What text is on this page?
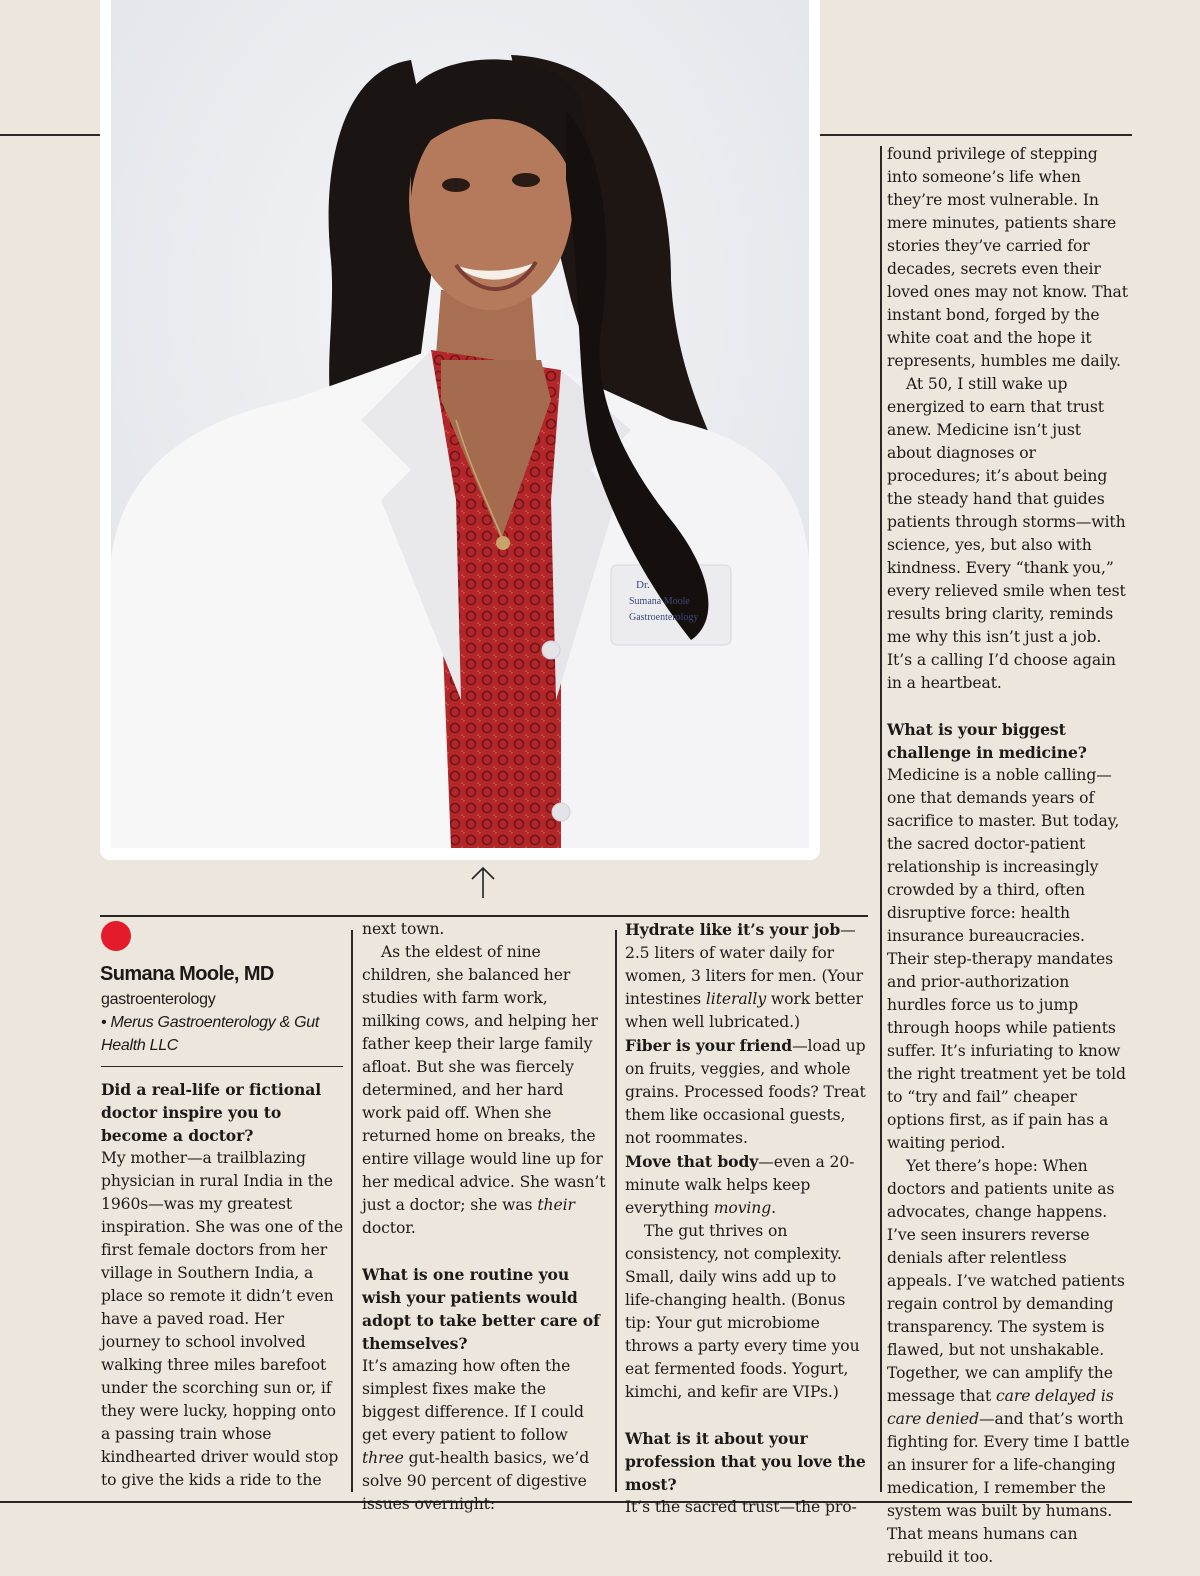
Dr.
Sumana Moole
Gastroenterology
Sumana Moole, MD
gastroenterology
• Merus Gastroenterology & Gut Health LLC

Did a real-life or fictional doctor inspire you to become a doctor?

My mother—a trailblazing physician in rural India in the 1960s—was my greatest inspiration. She was one of the first female doctors from her village in Southern India, a place so remote it didn’t even have a paved road. Her journey to school involved walking three miles barefoot under the scorching sun or, if they were lucky, hopping onto a passing train whose kindhearted driver would stop to give the kids a ride to the

next town.

As the eldest of nine children, she balanced her studies with farm work, milking cows, and helping her father keep their large family afloat. But she was fiercely determined, and her hard work paid off. When she returned home on breaks, the entire village would line up for her medical advice. She wasn’t just a doctor; she was their doctor.

What is one routine you wish your patients would adopt to take better care of themselves?

It’s amazing how often the simplest fixes make the biggest difference. If I could get every patient to follow three gut-health basics, we’d solve 90 percent of digestive issues overnight:

Hydrate like it’s your job—2.5 liters of water daily for women, 3 liters for men. (Your intestines literally work better when well lubricated.)

Fiber is your friend—load up on fruits, veggies, and whole grains. Processed foods? Treat them like occasional guests, not roommates.

Move that body—even a 20-minute walk helps keep everything moving.

The gut thrives on consistency, not complexity. Small, daily wins add up to life-changing health. (Bonus tip: Your gut microbiome throws a party every time you eat fermented foods. Yogurt, kimchi, and kefir are VIPs.)

What is it about your profession that you love the most?

It’s the sacred trust—the pro-

found privilege of stepping into someone’s life when they’re most vulnerable. In mere minutes, patients share stories they’ve carried for decades, secrets even their loved ones may not know. That instant bond, forged by the white coat and the hope it represents, humbles me daily.

At 50, I still wake up energized to earn that trust anew. Medicine isn’t just about diagnoses or procedures; it’s about being the steady hand that guides patients through storms—with science, yes, but also with kindness. Every “thank you,” every relieved smile when test results bring clarity, reminds me why this isn’t just a job. It’s a calling I’d choose again in a heartbeat.

What is your biggest challenge in medicine?

Medicine is a noble calling—one that demands years of sacrifice to master. But today, the sacred doctor-patient relationship is increasingly crowded by a third, often disruptive force: health insurance bureaucracies. Their step-therapy mandates and prior-authorization hurdles force us to jump through hoops while patients suffer. It’s infuriating to know the right treatment yet be told to “try and fail” cheaper options first, as if pain has a waiting period.

Yet there’s hope: When doctors and patients unite as advocates, change happens. I’ve seen insurers reverse denials after relentless appeals. I’ve watched patients regain control by demanding transparency. The system is flawed, but not unshakable. Together, we can amplify the message that care delayed is care denied—and that’s worth fighting for. Every time I battle an insurer for a life-changing medication, I remember the system was built by humans. That means humans can rebuild it too.
